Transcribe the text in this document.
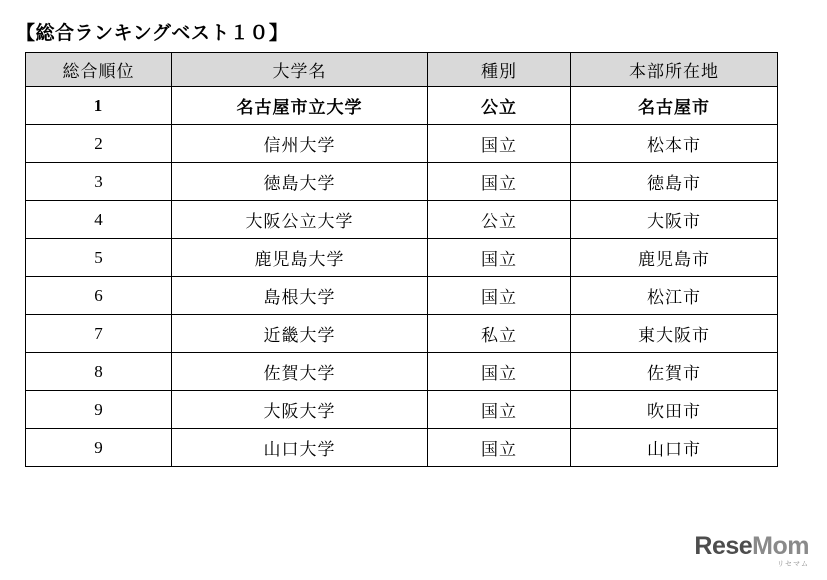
【総合ランキングベスト１０】
総合順位	大学名	種別	本部所在地
1	名古屋市立大学	公立	名古屋市
2	信州大学	国立	松本市
3	徳島大学	国立	徳島市
4	大阪公立大学	公立	大阪市
5	鹿児島大学	国立	鹿児島市
6	島根大学	国立	松江市
7	近畿大学	私立	東大阪市
8	佐賀大学	国立	佐賀市
9	大阪大学	国立	吹田市
9	山口大学	国立	山口市
ReseMom
リセマム
